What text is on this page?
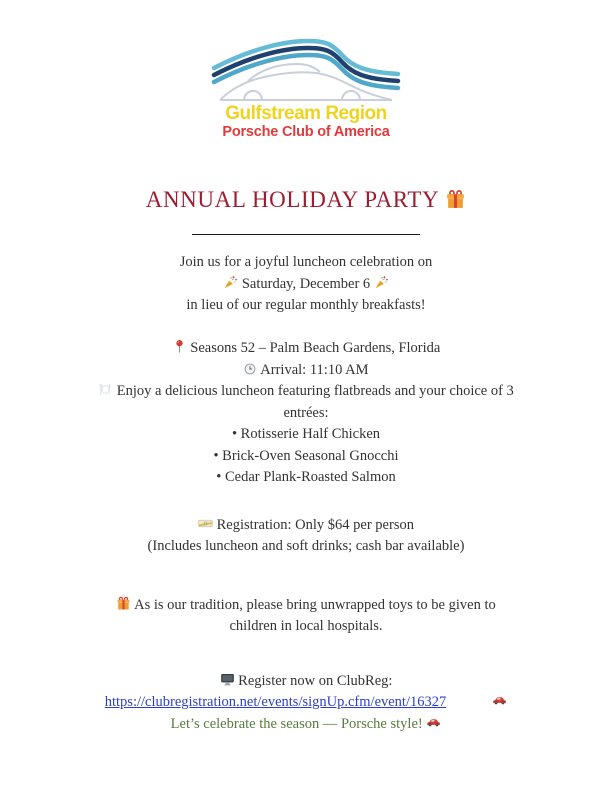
Gulfstream Region
Porsche Club of America
ANNUAL HOLIDAY PARTY

Join us for a joyful luncheon celebration on
Saturday, December 6
in lieu of our regular monthly breakfasts!

Seasons 52 – Palm Beach Gardens, Florida
Arrival: 11:10 AM
Enjoy a delicious luncheon featuring flatbreads and your choice of 3
entrées:
• Rotisserie Half Chicken
• Brick-Oven Seasonal Gnocchi
• Cedar Plank-Roasted Salmon

Registration: Only $64 per person
(Includes luncheon and soft drinks; cash bar available)

As is our tradition, please bring unwrapped toys to be given to
children in local hospitals.

Register now on ClubReg:

https://clubregistration.net/events/signUp.cfm/event/16327

Let’s celebrate the season — Porsche style!
